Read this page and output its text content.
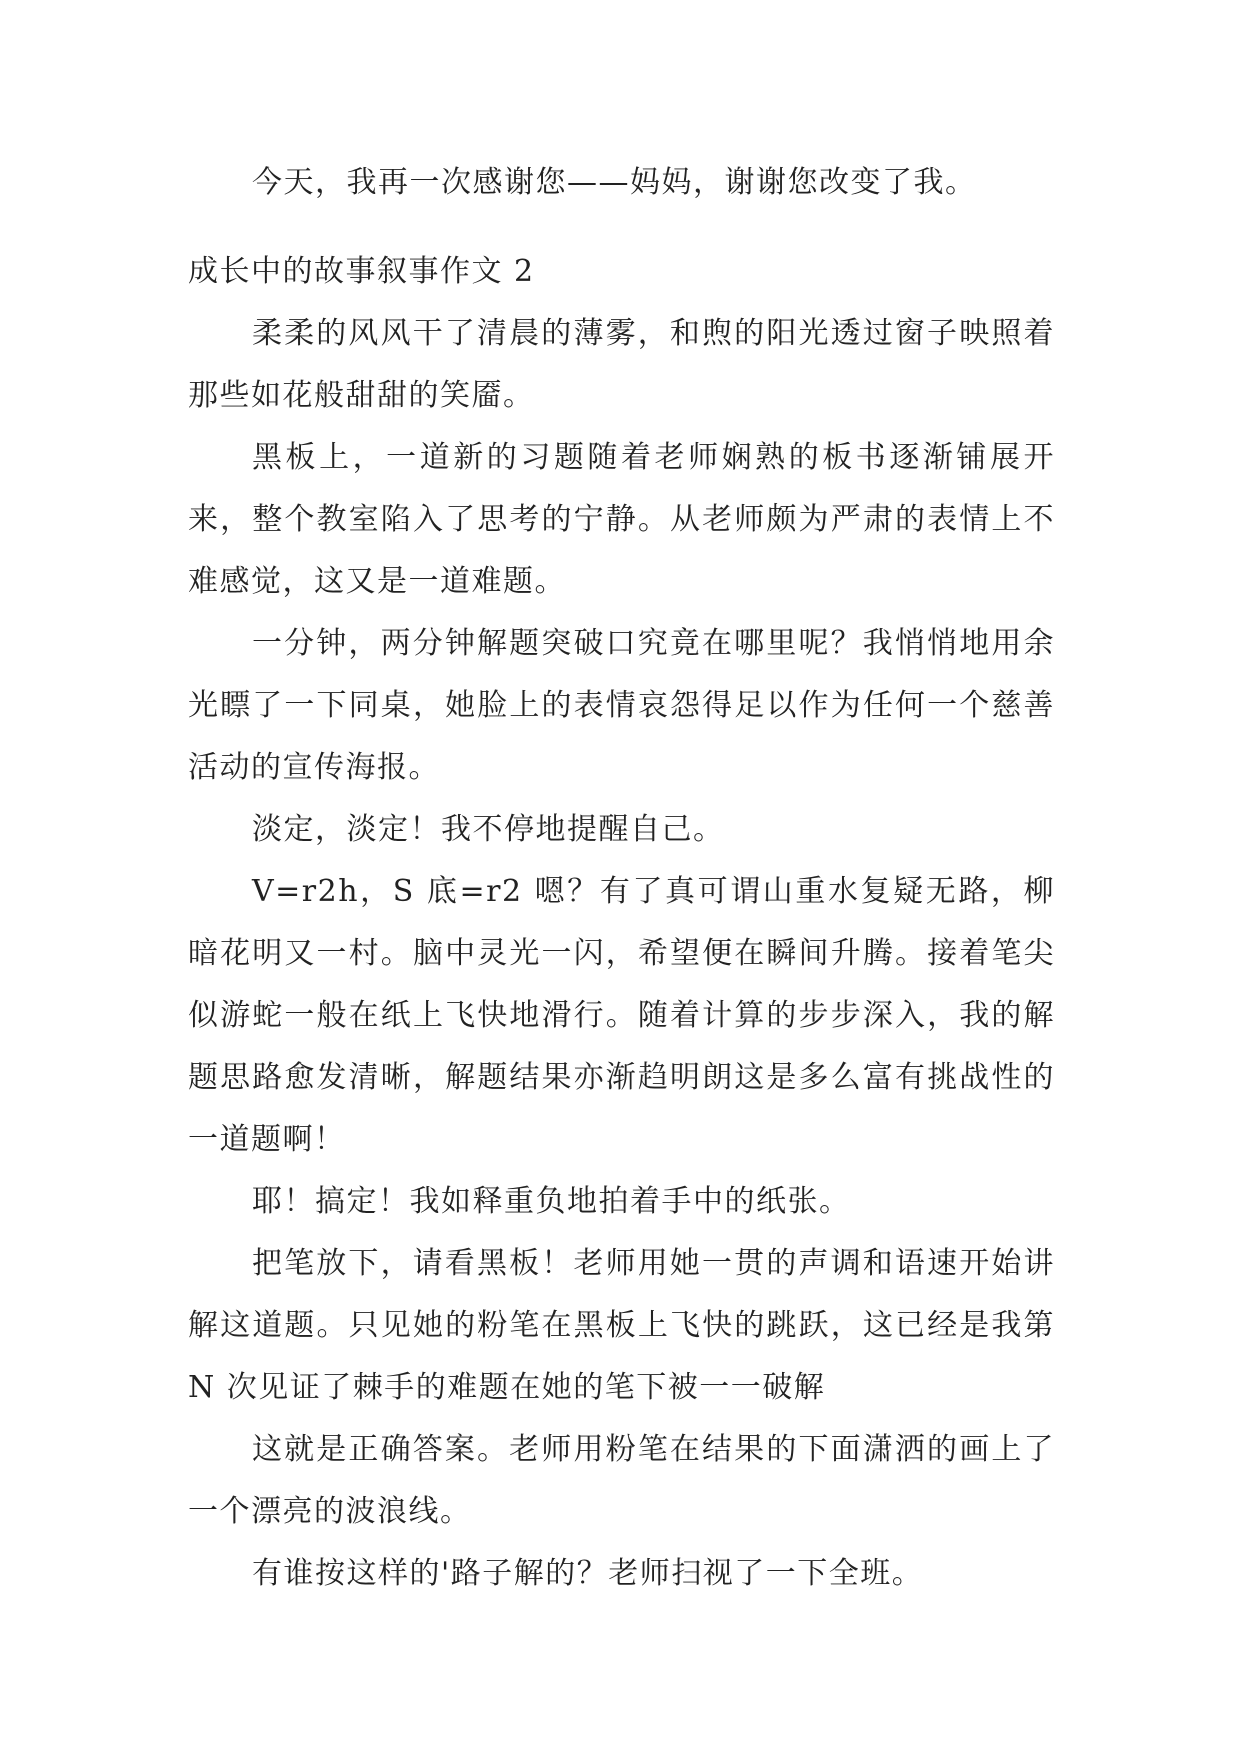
今天，我再一次感谢您——妈妈，谢谢您改变了我。

成长中的故事叙事作文 2

柔柔的风风干了清晨的薄雾，和煦的阳光透过窗子映照着那些如花般甜甜的笑靥。

黑板上，一道新的习题随着老师娴熟的板书逐渐铺展开来，整个教室陷入了思考的宁静。从老师颇为严肃的表情上不难感觉，这又是一道难题。

一分钟，两分钟解题突破口究竟在哪里呢？我悄悄地用余光瞟了一下同桌，她脸上的表情哀怨得足以作为任何一个慈善活动的宣传海报。

淡定，淡定！我不停地提醒自己。

V=r2h，S 底=r2 嗯？有了真可谓山重水复疑无路，柳暗花明又一村。脑中灵光一闪，希望便在瞬间升腾。接着笔尖似游蛇一般在纸上飞快地滑行。随着计算的步步深入，我的解题思路愈发清晰，解题结果亦渐趋明朗这是多么富有挑战性的一道题啊！

耶！搞定！我如释重负地拍着手中的纸张。

把笔放下，请看黑板！老师用她一贯的声调和语速开始讲解这道题。只见她的粉笔在黑板上飞快的跳跃，这已经是我第 N 次见证了棘手的难题在她的笔下被一一破解

这就是正确答案。老师用粉笔在结果的下面潇洒的画上了一个漂亮的波浪线。

有谁按这样的'路子解的？老师扫视了一下全班。
